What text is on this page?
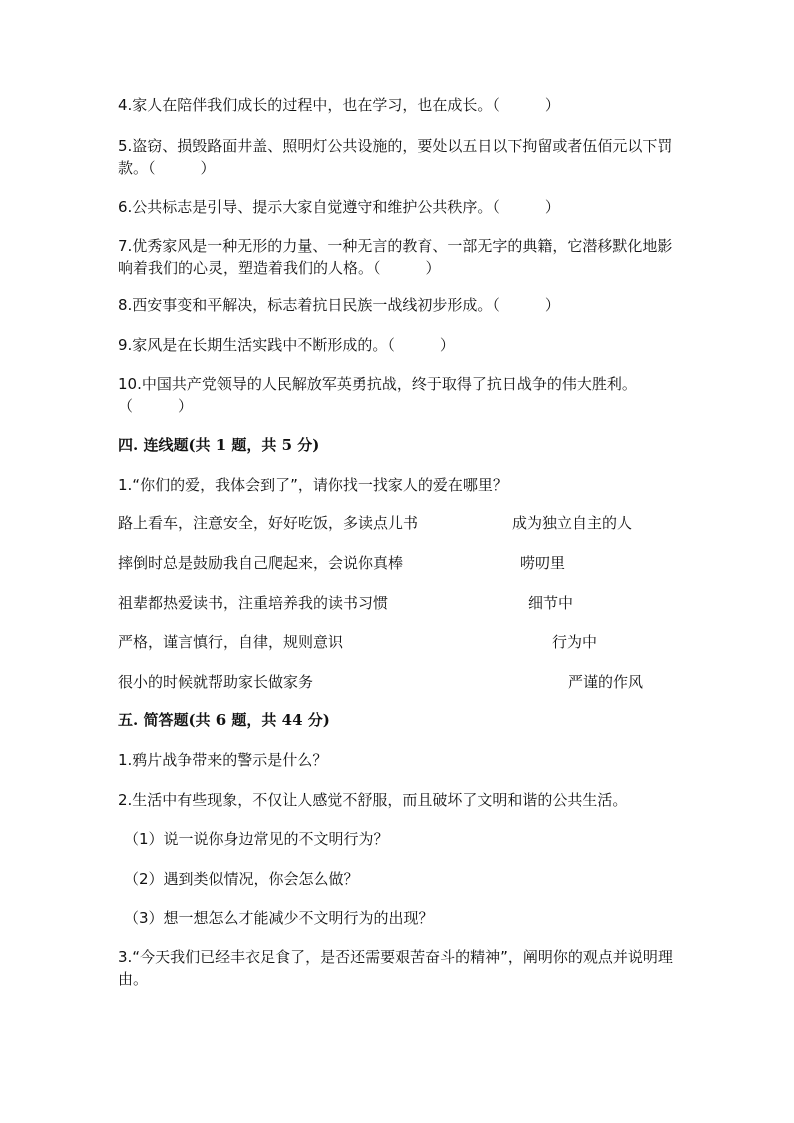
4.家人在陪伴我们成长的过程中，也在学习，也在成长。（　　　）
5.盗窃、损毁路面井盖、照明灯公共设施的，要处以五日以下拘留或者伍佰元以下罚款。（　　　）
6.公共标志是引导、提示大家自觉遵守和维护公共秩序。（　　　）
7.优秀家风是一种无形的力量、一种无言的教育、一部无字的典籍，它潜移默化地影响着我们的心灵，塑造着我们的人格。（　　　）
8.西安事变和平解决，标志着抗日民族一战线初步形成。（　　　）
9.家风是在长期生活实践中不断形成的。（　　　）
10.中国共产党领导的人民解放军英勇抗战，终于取得了抗日战争的伟大胜利。（　　　）
四. 连线题(共 1 题，共 5 分)
1.“你们的爱，我体会到了”，请你找一找家人的爱在哪里？
路上看车，注意安全，好好吃饭，多读点儿书	成为独立自主的人
摔倒时总是鼓励我自己爬起来，会说你真棒	唠叨里
祖辈都热爱读书，注重培养我的读书习惯	细节中
严格，谨言慎行，自律，规则意识	行为中
很小的时候就帮助家长做家务	严谨的作风
五. 简答题(共 6 题，共 44 分)
1.鸦片战争带来的警示是什么？
2.生活中有些现象，不仅让人感觉不舒服，而且破坏了文明和谐的公共生活。
（1）说一说你身边常见的不文明行为？
（2）遇到类似情况，你会怎么做？
（3）想一想怎么才能减少不文明行为的出现？
3.“今天我们已经丰衣足食了，是否还需要艰苦奋斗的精神”，阐明你的观点并说明理由。
